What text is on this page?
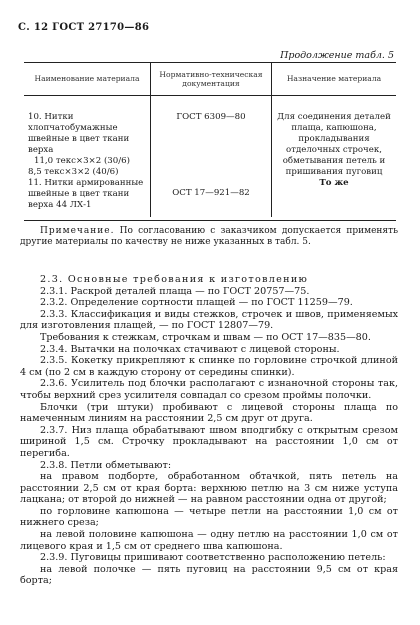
С. 12 ГОСТ 27170—86
Продолжение табл. 5
Наименование материала	Нормативно-техническая документация	Назначение материала

10. Нитки хлопчатобумажные швейные в цвет ткани верха
11,0 текс×3×2 (30/6)
8,5 текс×3×2 (40/6)	ГОСТ 6309—80	Для соединения деталей плаща, капюшона, прокладывания отделочных строчек, обметывания петель и пришивания пуговиц

11. Нитки армированные швейные в цвет ткани верха 44 ЛХ-1	ОСТ 17—921—82	То же

Примечание. По согласованию с заказчиком допускается применять другие материалы по качеству не ниже указанных в табл. 5.

2.3. Основные требования к изготовлению

2.3.1. Раскрой деталей плаща — по ГОСТ 20757—75.

2.3.2. Определение сортности плащей — по ГОСТ 11259—79.

2.3.3. Классификация и виды стежков, строчек и швов, применяемых для изготовления плащей, — по ГОСТ 12807—79.

Требования к стежкам, строчкам и швам — по ОСТ 17—835—80.

2.3.4. Вытачки на полочках стачивают с лицевой стороны.

2.3.5. Кокетку прикрепляют к спинке по горловине строчкой длиной 4 см (по 2 см в каждую сторону от середины спинки).

2.3.6. Усилитель под блочки располагают с изнаночной стороны так, чтобы верхний срез усилителя совпадал со срезом проймы полочки.

Блочки (три штуки) пробивают с лицевой стороны плаща по намеченным линиям на расстоянии 2,5 см друг от друга.

2.3.7. Низ плаща обрабатывают швом вподгибку с открытым срезом шириной 1,5 см. Строчку прокладывают на расстоянии 1,0 см от перегиба.

2.3.8. Петли обметывают:

на правом подборте, обработанном обтачкой, пять петель на расстоянии 2,5 см от края борта: верхнюю петлю на 3 см ниже уступа лацкана; от второй до нижней — на равном расстоянии одна от другой;

по горловине капюшона — четыре петли на расстоянии 1,0 см от нижнего среза;

на левой половине капюшона — одну петлю на расстоянии 1,0 см от лицевого края и 1,5 см от среднего шва капюшона.

2.3.9. Пуговицы пришивают соответственно расположению петель:

на левой полочке — пять пуговиц на расстоянии 9,5 см от края борта;
